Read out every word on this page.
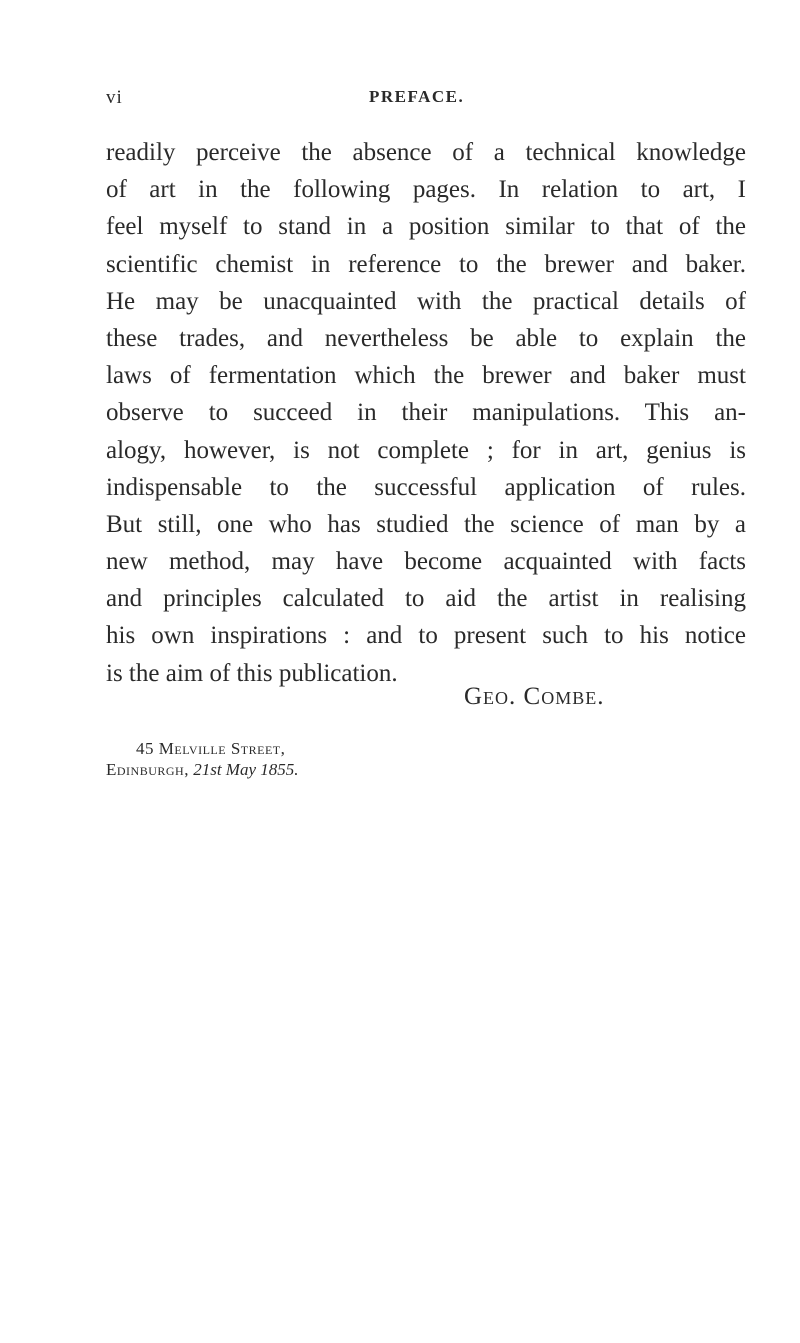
vi	PREFACE.
readily perceive the absence of a technical knowledge
of art in the following pages. In relation to art, I
feel myself to stand in a position similar to that of the
scientific chemist in reference to the brewer and baker.
He may be unacquainted with the practical details of
these trades, and nevertheless be able to explain the
laws of fermentation which the brewer and baker must
observe to succeed in their manipulations. This an-
alogy, however, is not complete ; for in art, genius is
indispensable to the successful application of rules.
But still, one who has studied the science of man by a
new method, may have become acquainted with facts
and principles calculated to aid the artist in realising
his own inspirations : and to present such to his notice
is the aim of this publication.
Geo. Combe.
45 Melville Street,
Edinburgh, 21st May 1855.
